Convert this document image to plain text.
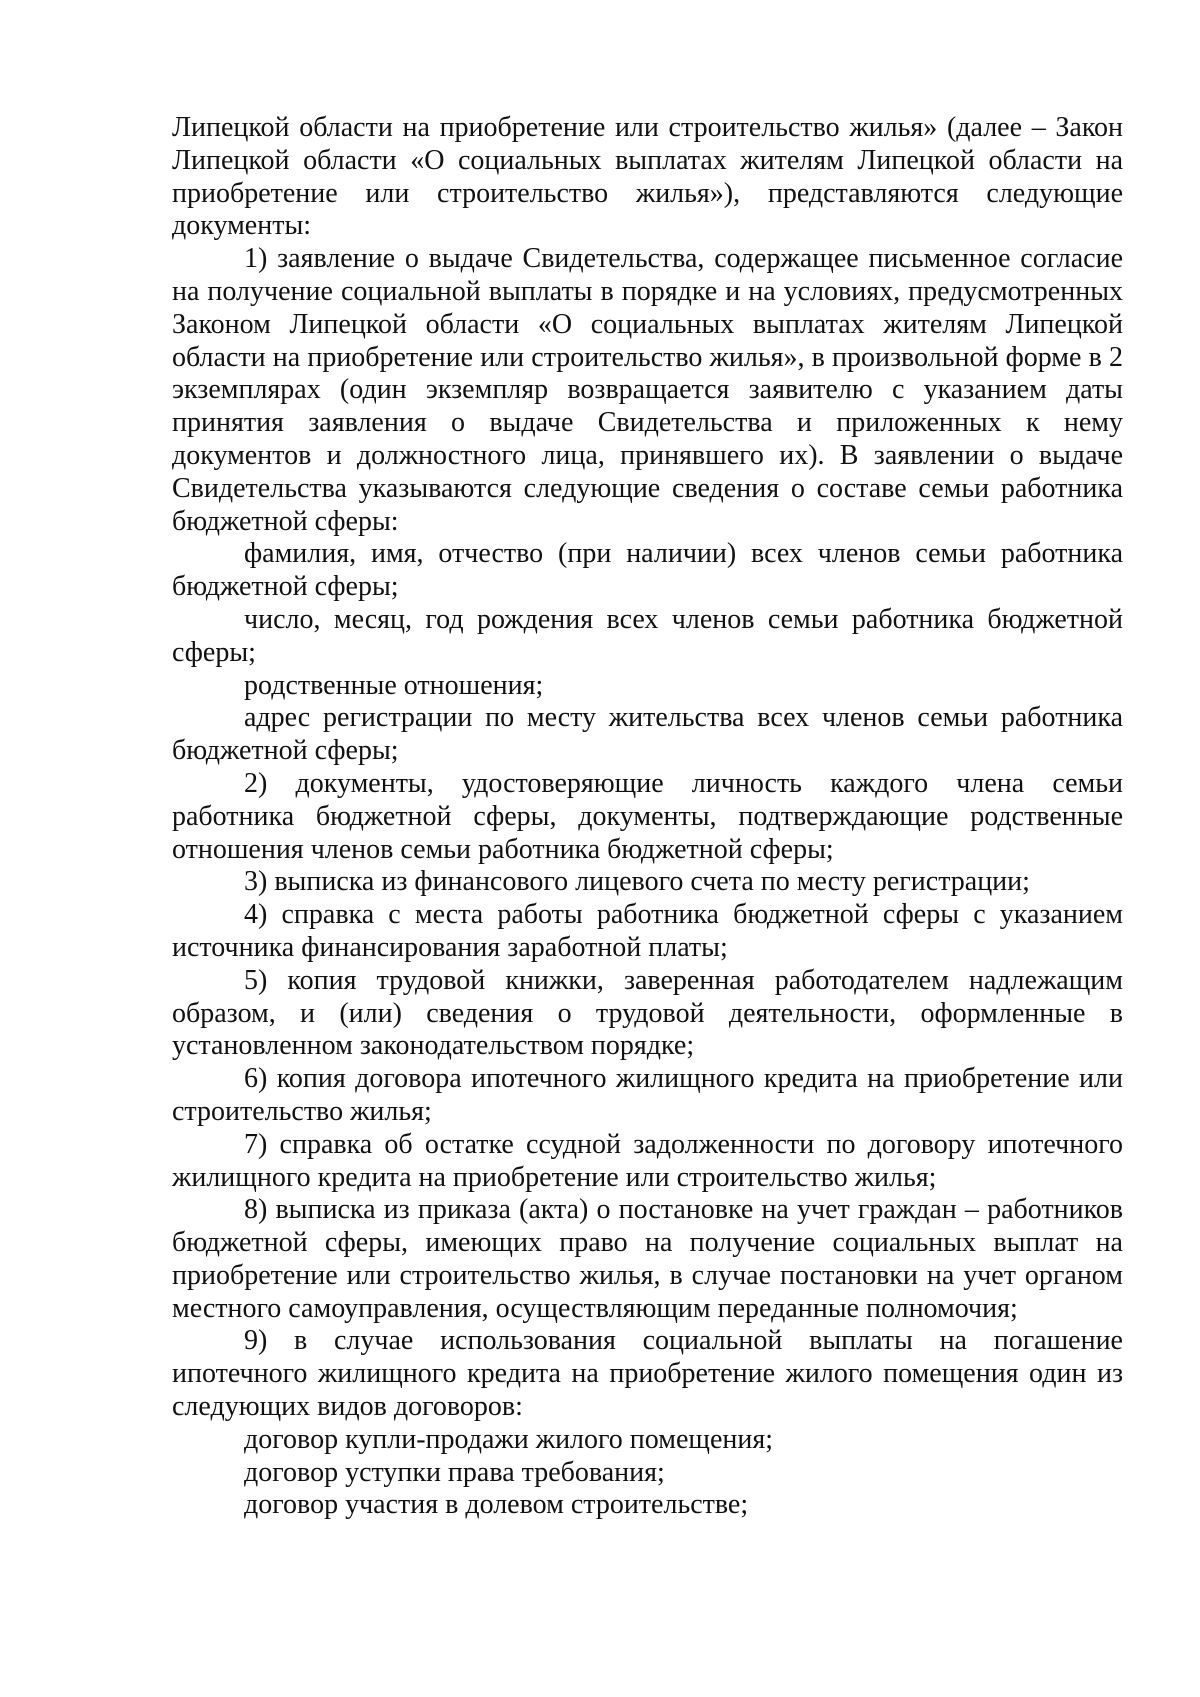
Липецкой области на приобретение или строительство жилья» (далее – Закон Липецкой области «О социальных выплатах жителям Липецкой области на приобретение или строительство жилья»), представляются следующие документы:

1) заявление о выдаче Свидетельства, содержащее письменное согласие на получение социальной выплаты в порядке и на условиях, предусмотренных Законом Липецкой области «О социальных выплатах жителям Липецкой области на приобретение или строительство жилья», в произвольной форме в 2 экземплярах (один экземпляр возвращается заявителю с указанием даты принятия заявления о выдаче Свидетельства и приложенных к нему документов и должностного лица, принявшего их). В заявлении о выдаче Свидетельства указываются следующие сведения о составе семьи работника бюджетной сферы:

фамилия, имя, отчество (при наличии) всех членов семьи работника бюджетной сферы;

число, месяц, год рождения всех членов семьи работника бюджетной сферы;

родственные отношения;

адрес регистрации по месту жительства всех членов семьи работника бюджетной сферы;

2) документы, удостоверяющие личность каждого члена семьи работника бюджетной сферы, документы, подтверждающие родственные отношения членов семьи работника бюджетной сферы;

3) выписка из финансового лицевого счета по месту регистрации;

4) справка с места работы работника бюджетной сферы с указанием источника финансирования заработной платы;

5) копия трудовой книжки, заверенная работодателем надлежащим образом, и (или) сведения о трудовой деятельности, оформленные в установленном законодательством порядке;

6) копия договора ипотечного жилищного кредита на приобретение или строительство жилья;

7) справка об остатке ссудной задолженности по договору ипотечного жилищного кредита на приобретение или строительство жилья;

8) выписка из приказа (акта) о постановке на учет граждан – работников бюджетной сферы, имеющих право на получение социальных выплат на приобретение или строительство жилья, в случае постановки на учет органом местного самоуправления, осуществляющим переданные полномочия;

9) в случае использования социальной выплаты на погашение ипотечного жилищного кредита на приобретение жилого помещения один из следующих видов договоров:

договор купли-продажи жилого помещения;

договор уступки права требования;

договор участия в долевом строительстве;
